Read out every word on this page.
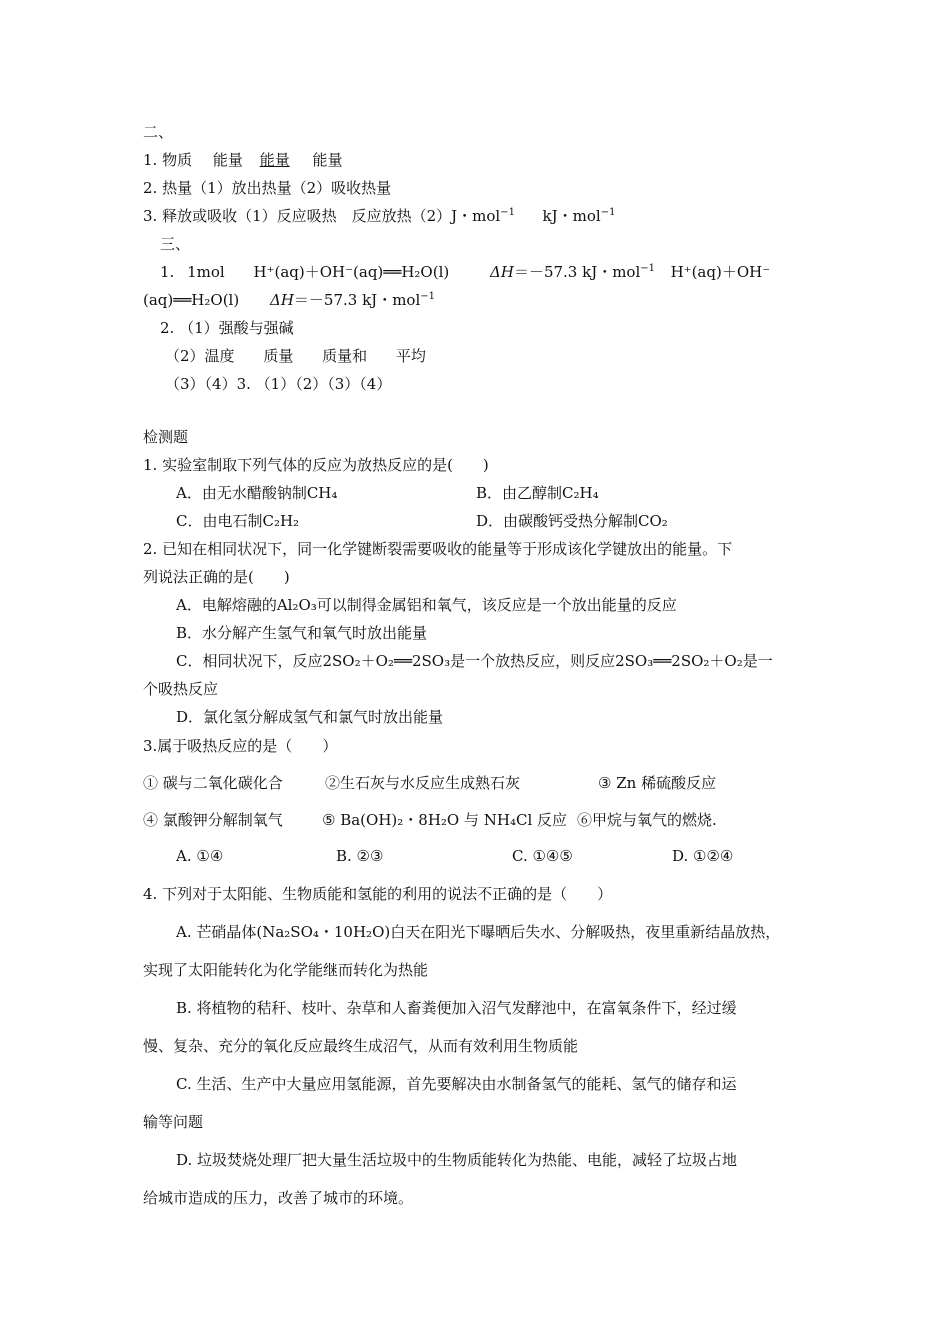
二、
1. 物质 能量 能量 能量
2. 热量（1）放出热量（2）吸收热量
3. 释放或吸收（1）反应吸热　反应放热（2）J・mol$^{-1}$ kJ・mol$^{-1}$
三、
1. 1mol H⁺(aq)＋OH⁻(aq)══H₂O(l)	ΔH＝－57.3 kJ・mol$^{-1}$ H⁺(aq)＋OH⁻
(aq)══H₂O(l) ΔH＝－57.3 kJ・mol$^{-1}$
2. （1）强酸与强碱
（2）温度 质量 质量和 平均
（3）（4）3. （1）（2）（3）（4）
检测题
1. 实验室制取下列气体的反应为放热反应的是(　　)
A．由无水醋酸钠制CH₄	B．由乙醇制C₂H₄
C．由电石制C₂H₂	D．由碳酸钙受热分解制CO₂
2. 已知在相同状况下，同一化学键断裂需要吸收的能量等于形成该化学键放出的能量。下
列说法正确的是(　　)
A．电解熔融的Al₂O₃可以制得金属铝和氧气，该反应是一个放出能量的反应
B．水分解产生氢气和氧气时放出能量
C．相同状况下，反应2SO₂＋O₂══2SO₃是一个放热反应，则反应2SO₃══2SO₂＋O₂是一
个吸热反应
D．氯化氢分解成氢气和氯气时放出能量
3.属于吸热反应的是（　　）
① 碳与二氧化碳化合	②生石灰与水反应生成熟石灰	③ Zn 稀硫酸反应
④ 氯酸钾分解制氧气	⑤ Ba(OH)₂・8H₂O 与 NH₄Cl 反应 ⑥甲烷与氧气的燃烧.
A. ①④	B. ②③	C. ①④⑤	D. ①②④
4. 下列对于太阳能、生物质能和氢能的利用的说法不正确的是（　　）
A. 芒硝晶体(Na₂SO₄・10H₂O)白天在阳光下曝晒后失水、分解吸热，夜里重新结晶放热，
实现了太阳能转化为化学能继而转化为热能
B. 将植物的秸秆、枝叶、杂草和人畜粪便加入沼气发酵池中，在富氧条件下，经过缓
慢、复杂、充分的氧化反应最终生成沼气，从而有效利用生物质能
C. 生活、生产中大量应用氢能源，首先要解决由水制备氢气的能耗、氢气的储存和运
输等问题
D. 垃圾焚烧处理厂把大量生活垃圾中的生物质能转化为热能、电能，减轻了垃圾占地
给城市造成的压力，改善了城市的环境。
